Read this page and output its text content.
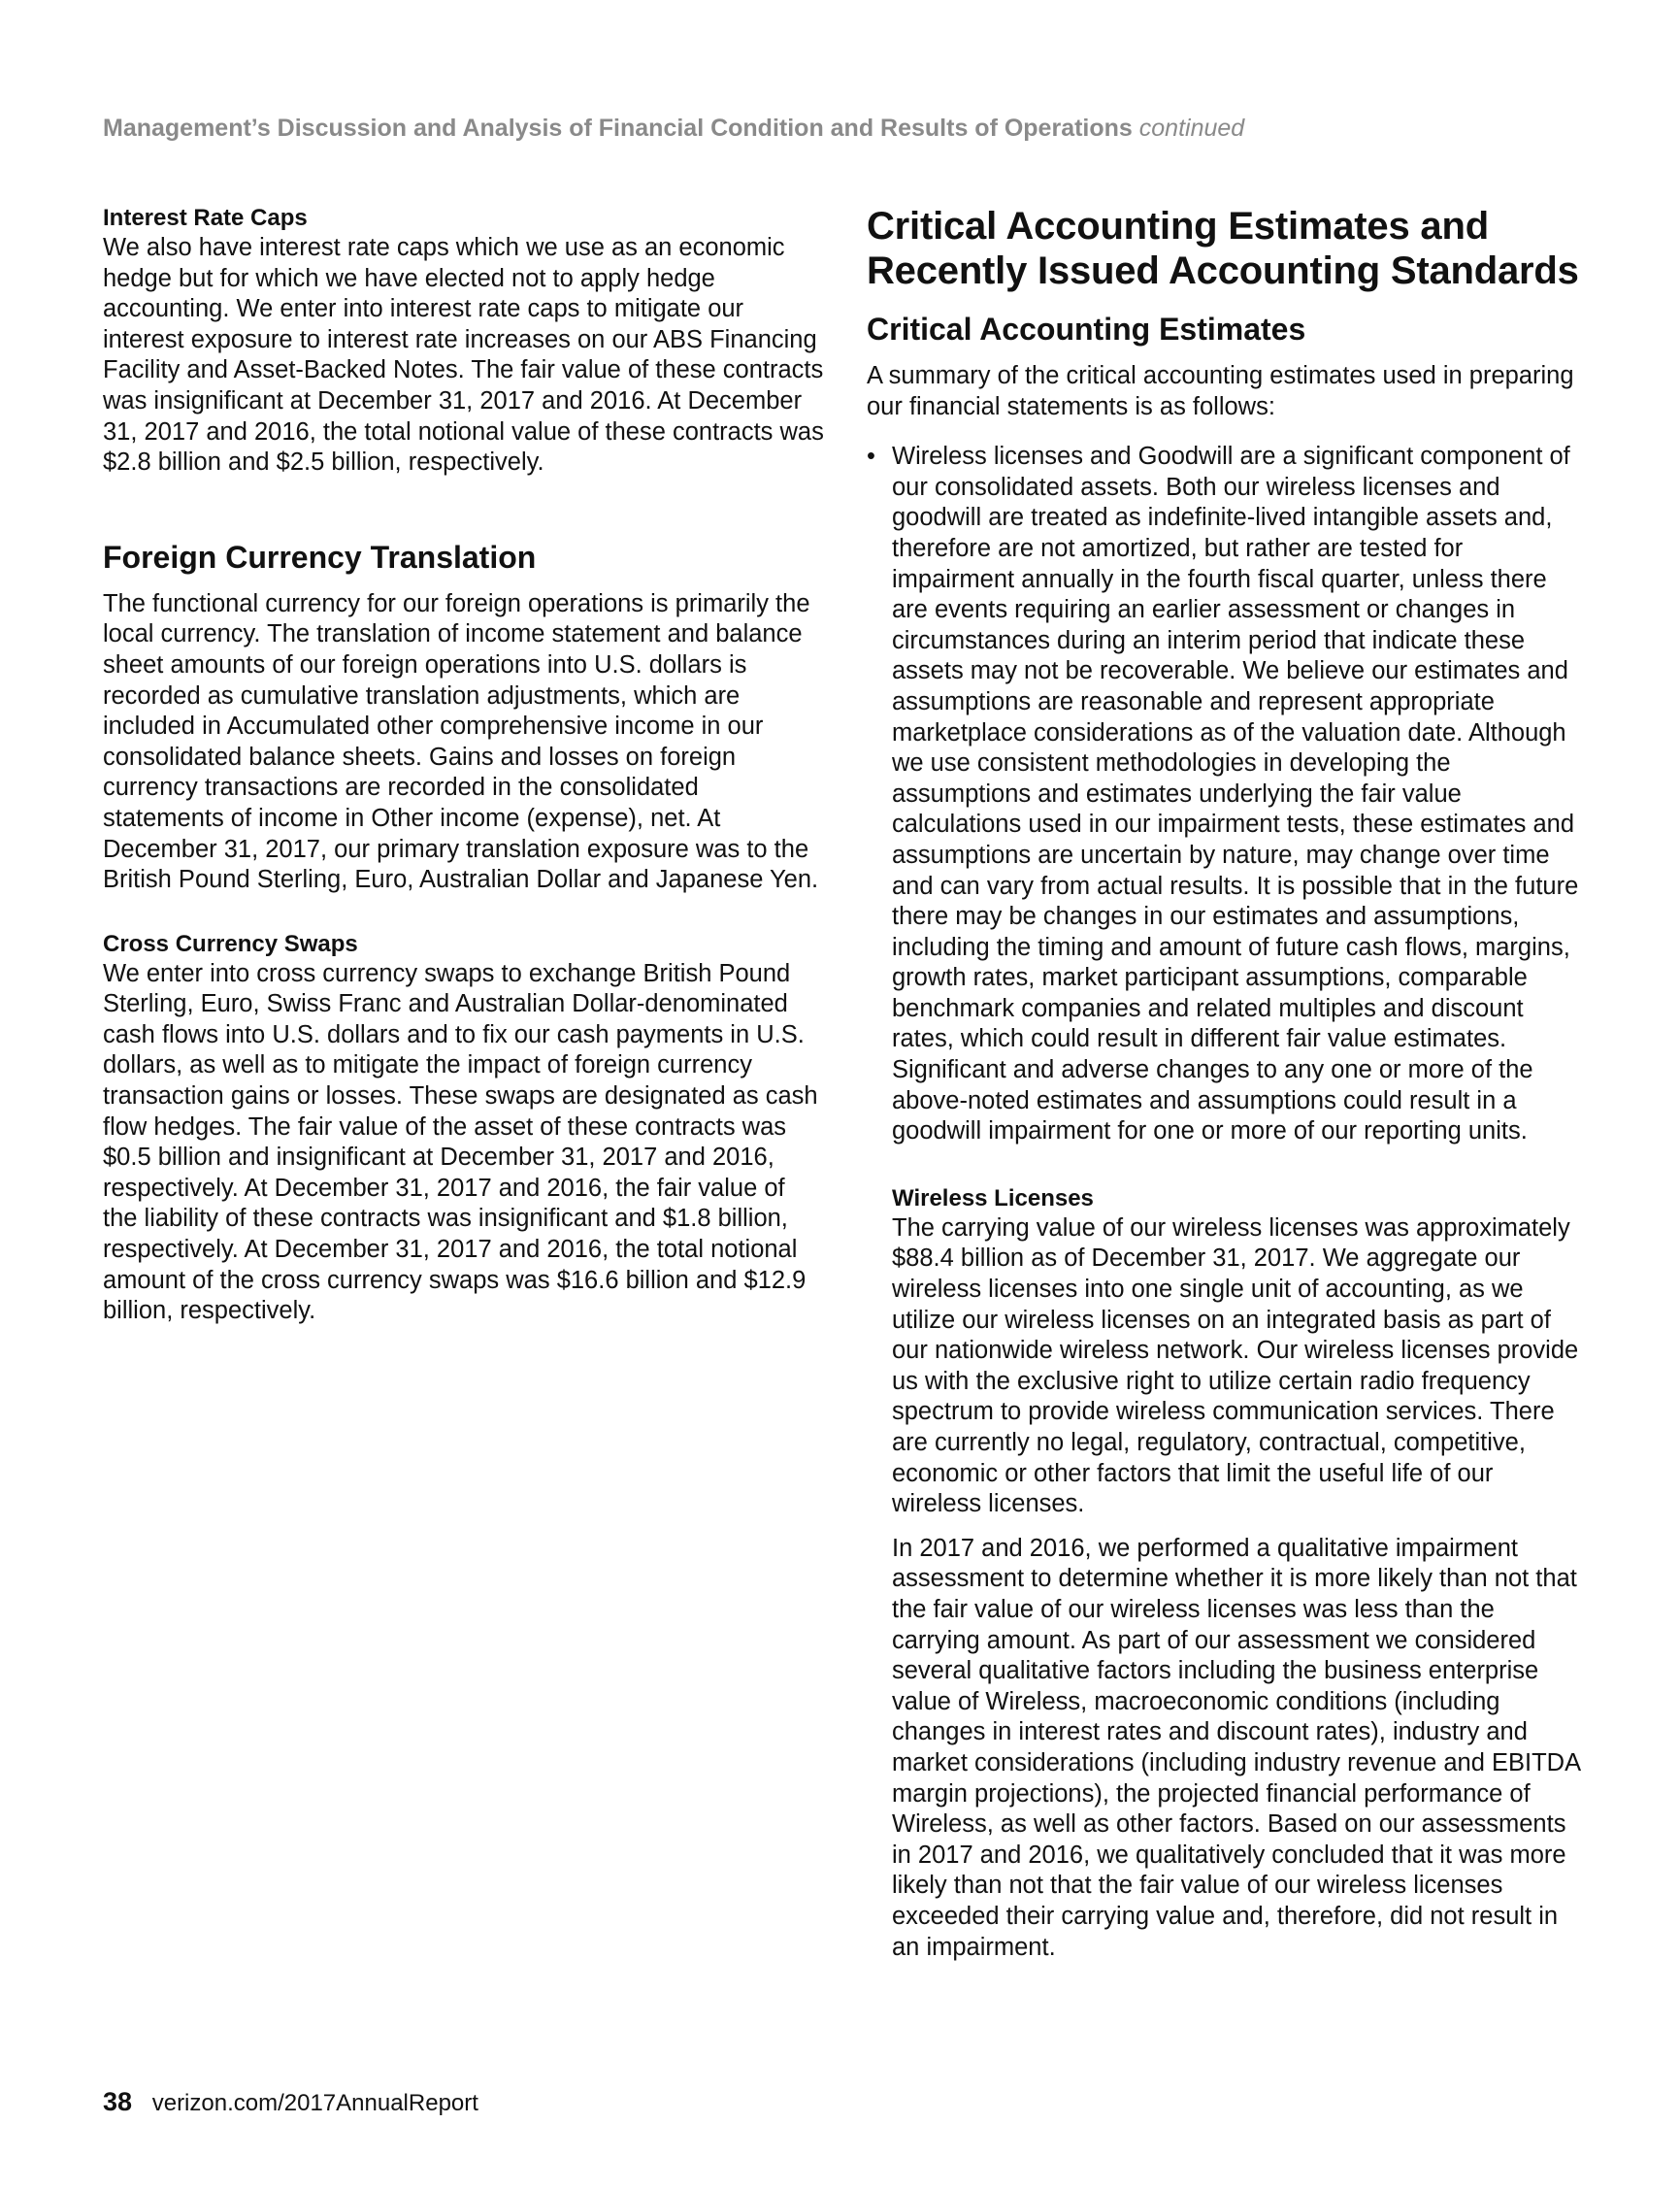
Management’s Discussion and Analysis of Financial Condition and Results of Operations continued
Interest Rate Caps

We also have interest rate caps which we use as an economic hedge but for which we have elected not to apply hedge accounting. We enter into interest rate caps to mitigate our interest exposure to interest rate increases on our ABS Financing Facility and Asset-Backed Notes. The fair value of these contracts was insignificant at December 31, 2017 and 2016. At December 31, 2017 and 2016, the total notional value of these contracts was $2.8 billion and $2.5 billion, respectively.

Foreign Currency Translation

The functional currency for our foreign operations is primarily the local currency. The translation of income statement and balance sheet amounts of our foreign operations into U.S. dollars is recorded as cumulative translation adjustments, which are included in Accumulated other comprehensive income in our consolidated balance sheets. Gains and losses on foreign currency transactions are recorded in the consolidated statements of income in Other income (expense), net. At December 31, 2017, our primary translation exposure was to the British Pound Sterling, Euro, Australian Dollar and Japanese Yen.

Cross Currency Swaps

We enter into cross currency swaps to exchange British Pound Sterling, Euro, Swiss Franc and Australian Dollar-denominated cash flows into U.S. dollars and to fix our cash payments in U.S. dollars, as well as to mitigate the impact of foreign currency transaction gains or losses. These swaps are designated as cash flow hedges. The fair value of the asset of these contracts was $0.5 billion and insignificant at December 31, 2017 and 2016, respectively. At December 31, 2017 and 2016, the fair value of the liability of these contracts was insignificant and $1.8 billion, respectively. At December 31, 2017 and 2016, the total notional amount of the cross currency swaps was $16.6 billion and $12.9 billion, respectively.

Critical Accounting Estimates and Recently Issued Accounting Standards
Critical Accounting Estimates

A summary of the critical accounting estimates used in preparing our financial statements is as follows:

• Wireless licenses and Goodwill are a significant component of our consolidated assets. Both our wireless licenses and goodwill are treated as indefinite-lived intangible assets and, therefore are not amortized, but rather are tested for impairment annually in the fourth fiscal quarter, unless there are events requiring an earlier assessment or changes in circumstances during an interim period that indicate these assets may not be recoverable. We believe our estimates and assumptions are reasonable and represent appropriate marketplace considerations as of the valuation date. Although we use consistent methodologies in developing the assumptions and estimates underlying the fair value calculations used in our impairment tests, these estimates and assumptions are uncertain by nature, may change over time and can vary from actual results. It is possible that in the future there may be changes in our estimates and assumptions, including the timing and amount of future cash flows, margins, growth rates, market participant assumptions, comparable benchmark companies and related multiples and discount rates, which could result in different fair value estimates. Significant and adverse changes to any one or more of the above-noted estimates and assumptions could result in a goodwill impairment for one or more of our reporting units.

Wireless Licenses

The carrying value of our wireless licenses was approximately $88.4 billion as of December 31, 2017. We aggregate our wireless licenses into one single unit of accounting, as we utilize our wireless licenses on an integrated basis as part of our nationwide wireless network. Our wireless licenses provide us with the exclusive right to utilize certain radio frequency spectrum to provide wireless communication services. There are currently no legal, regulatory, contractual, competitive, economic or other factors that limit the useful life of our wireless licenses.

In 2017 and 2016, we performed a qualitative impairment assessment to determine whether it is more likely than not that the fair value of our wireless licenses was less than the carrying amount. As part of our assessment we considered several qualitative factors including the business enterprise value of Wireless, macroeconomic conditions (including changes in interest rates and discount rates), industry and market considerations (including industry revenue and EBITDA margin projections), the projected financial performance of Wireless, as well as other factors. Based on our assessments in 2017 and 2016, we qualitatively concluded that it was more likely than not that the fair value of our wireless licenses exceeded their carrying value and, therefore, did not result in an impairment.

38 verizon.com/2017AnnualReport
